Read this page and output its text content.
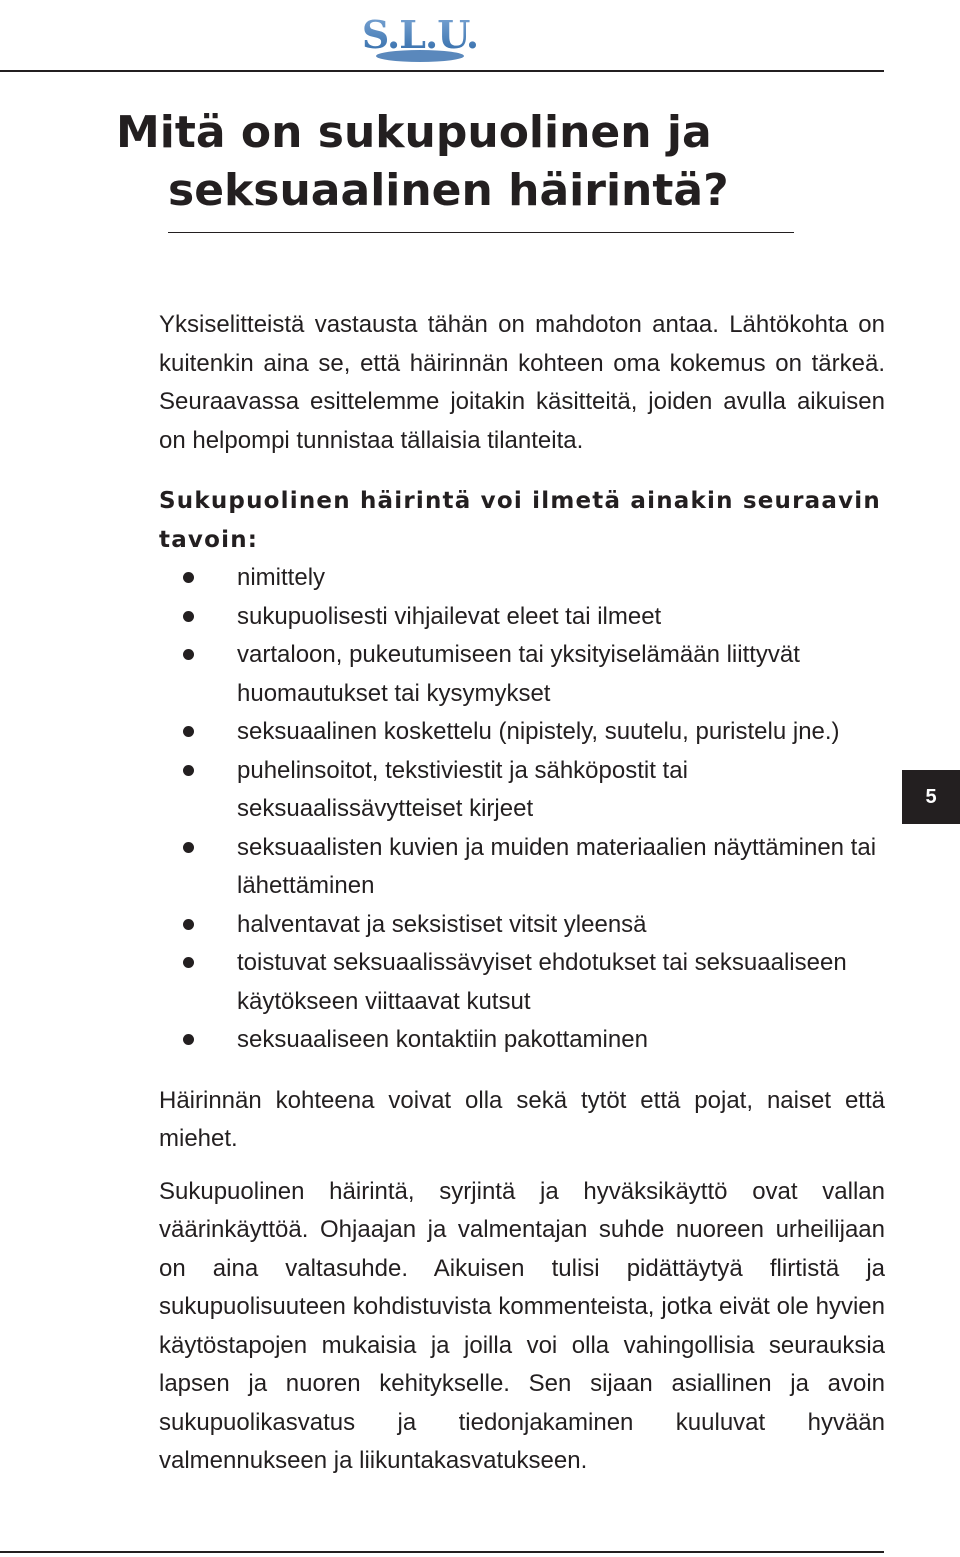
S.L.U.
Mitä on sukupuolinen ja
seksuaalinen häirintä?

Yksiselitteistä vastausta tähän on mahdoton antaa. Lähtökohta on kuitenkin aina se, että häirinnän kohteen oma kokemus on tärkeä. Seuraavassa esittelemme joitakin käsitteitä, joiden avulla aikuisen on helpompi tunnistaa tällaisia tilanteita.

Sukupuolinen häirintä voi ilmetä ainakin seuraavin tavoin:

nimittely
sukupuolisesti vihjailevat eleet tai ilmeet
vartaloon, pukeutumiseen tai yksityiselämään liittyvät huomautukset tai kysymykset
seksuaalinen koskettelu (nipistely, suutelu, puristelu jne.)
puhelinsoitot, tekstiviestit ja sähköpostit tai seksuaalissävytteiset kirjeet
seksuaalisten kuvien ja muiden materiaalien näyttäminen tai lähettäminen
halventavat ja seksistiset vitsit yleensä
toistuvat seksuaalissävyiset ehdotukset tai seksuaaliseen käytökseen viittaavat kutsut
seksuaaliseen kontaktiin pakottaminen

Häirinnän kohteena voivat olla sekä tytöt että pojat, naiset että miehet.

Sukupuolinen häirintä, syrjintä ja hyväksikäyttö ovat vallan väärinkäyttöä. Ohjaajan ja valmentajan suhde nuoreen urheilijaan on aina valtasuhde. Aikuisen tulisi pidättäytyä flirtistä ja sukupuolisuuteen kohdistuvista kommenteista, jotka eivät ole hyvien käytöstapojen mukaisia ja joilla voi olla vahingollisia seurauksia lapsen ja nuoren kehitykselle. Sen sijaan asiallinen ja avoin sukupuolikasvatus ja tiedonjakaminen kuuluvat hyvään valmennukseen ja liikuntakasvatukseen.

5
